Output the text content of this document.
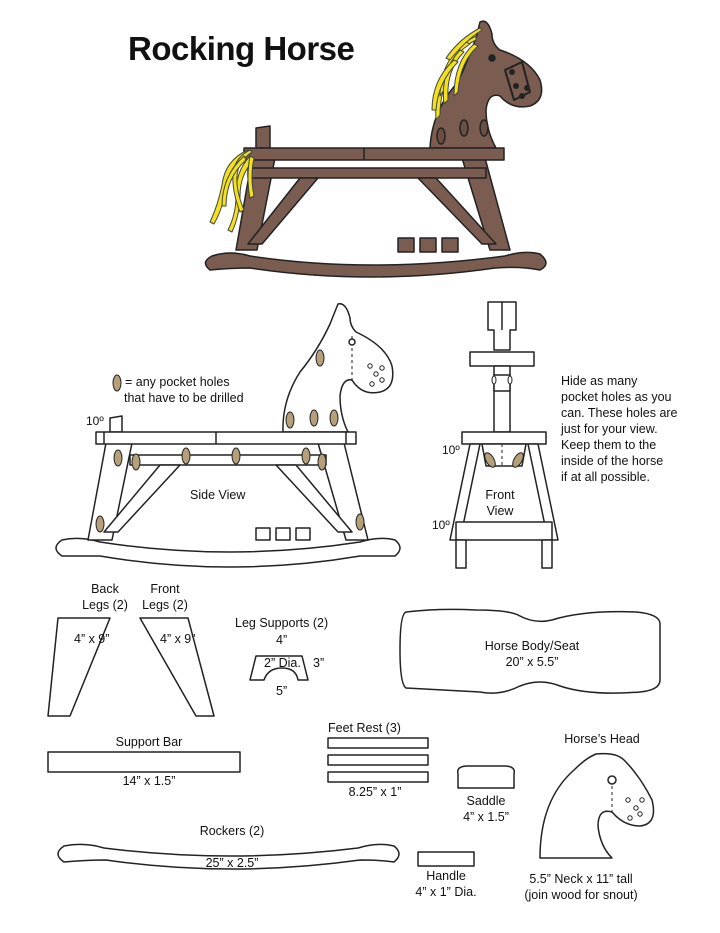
Rocking Horse
= any pocket holes
that have to be drilled
10º
Side View
10º
10º
Front
View
Hide as many
pocket holes as you
can. These holes are
just for your view.
Keep them to the
inside of the horse
if at all possible.
Back
Legs (2)
4” x 9”
Front
Legs (2)
4” x 9”
Leg Supports (2)
4”
2” Dia. 3”
5”
Horse Body/Seat
20” x 5.5”
Support Bar
14” x 1.5”
Feet Rest (3)
8.25” x 1”
Saddle
4” x 1.5”
Horse’s Head
5.5” Neck x 11” tall
(join wood for snout)
Rockers (2)
25” x 2.5”
Handle
4” x 1” Dia.
